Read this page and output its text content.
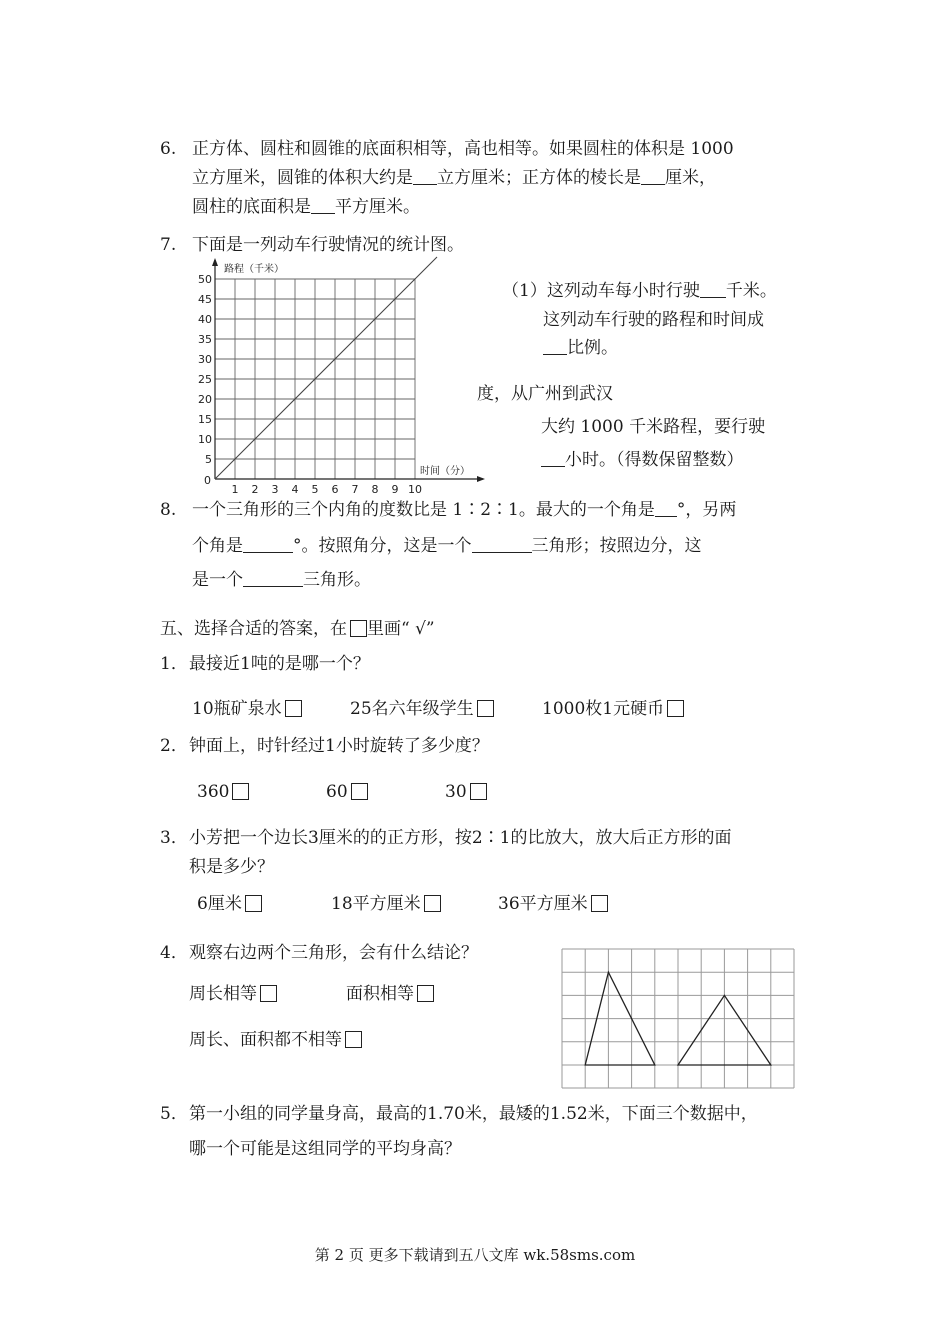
6. 正方体、圆柱和圆锥的底面积相等，高也相等。如果圆柱的体积是 1000
立方厘米，圆锥的体积大约是 立方厘米；正方体的棱长是 厘米，
圆柱的底面积是 平方厘米。
7. 下面是一列动车行驶情况的统计图。
5
10
15
20
25
30
35
40
45
50
0
1 2 3 4 5 6 7 8 9 10
路程（千米）
时间（分）
（1）这列动车每小时行驶 千米。
这列动车行驶的路程和时间成
比例。
度，从广州到武汉
大约 1000 千米路程，要行驶
小时。（得数保留整数）
8. 一个三角形的三个内角的度数比是 1∶2∶1。最大的一个角是 °，另两
个角是	°。按照角分，这是一个	三角形；按照边分，这
是一个	三角形。
五、选择合适的答案，在 里画“ √”
1． 最接近1吨的是哪一个？
10瓶矿泉水	25名六年级学生	1000枚1元硬币
2． 钟面上，时针经过1小时旋转了多少度？
360	60	30
3． 小芳把一个边长3厘米的的正方形，按2∶1的比放大，放大后正方形的面
积是多少？
6厘米	18平方厘米	36平方厘米
4． 观察右边两个三角形，会有什么结论？
周长相等	面积相等
周长、面积都不相等
5． 第一小组的同学量身高，最高的1.70米，最矮的1.52米，下面三个数据中，
哪一个可能是这组同学的平均身高？
第 2 页 更多下载请到五八文库 wk.58sms.com
